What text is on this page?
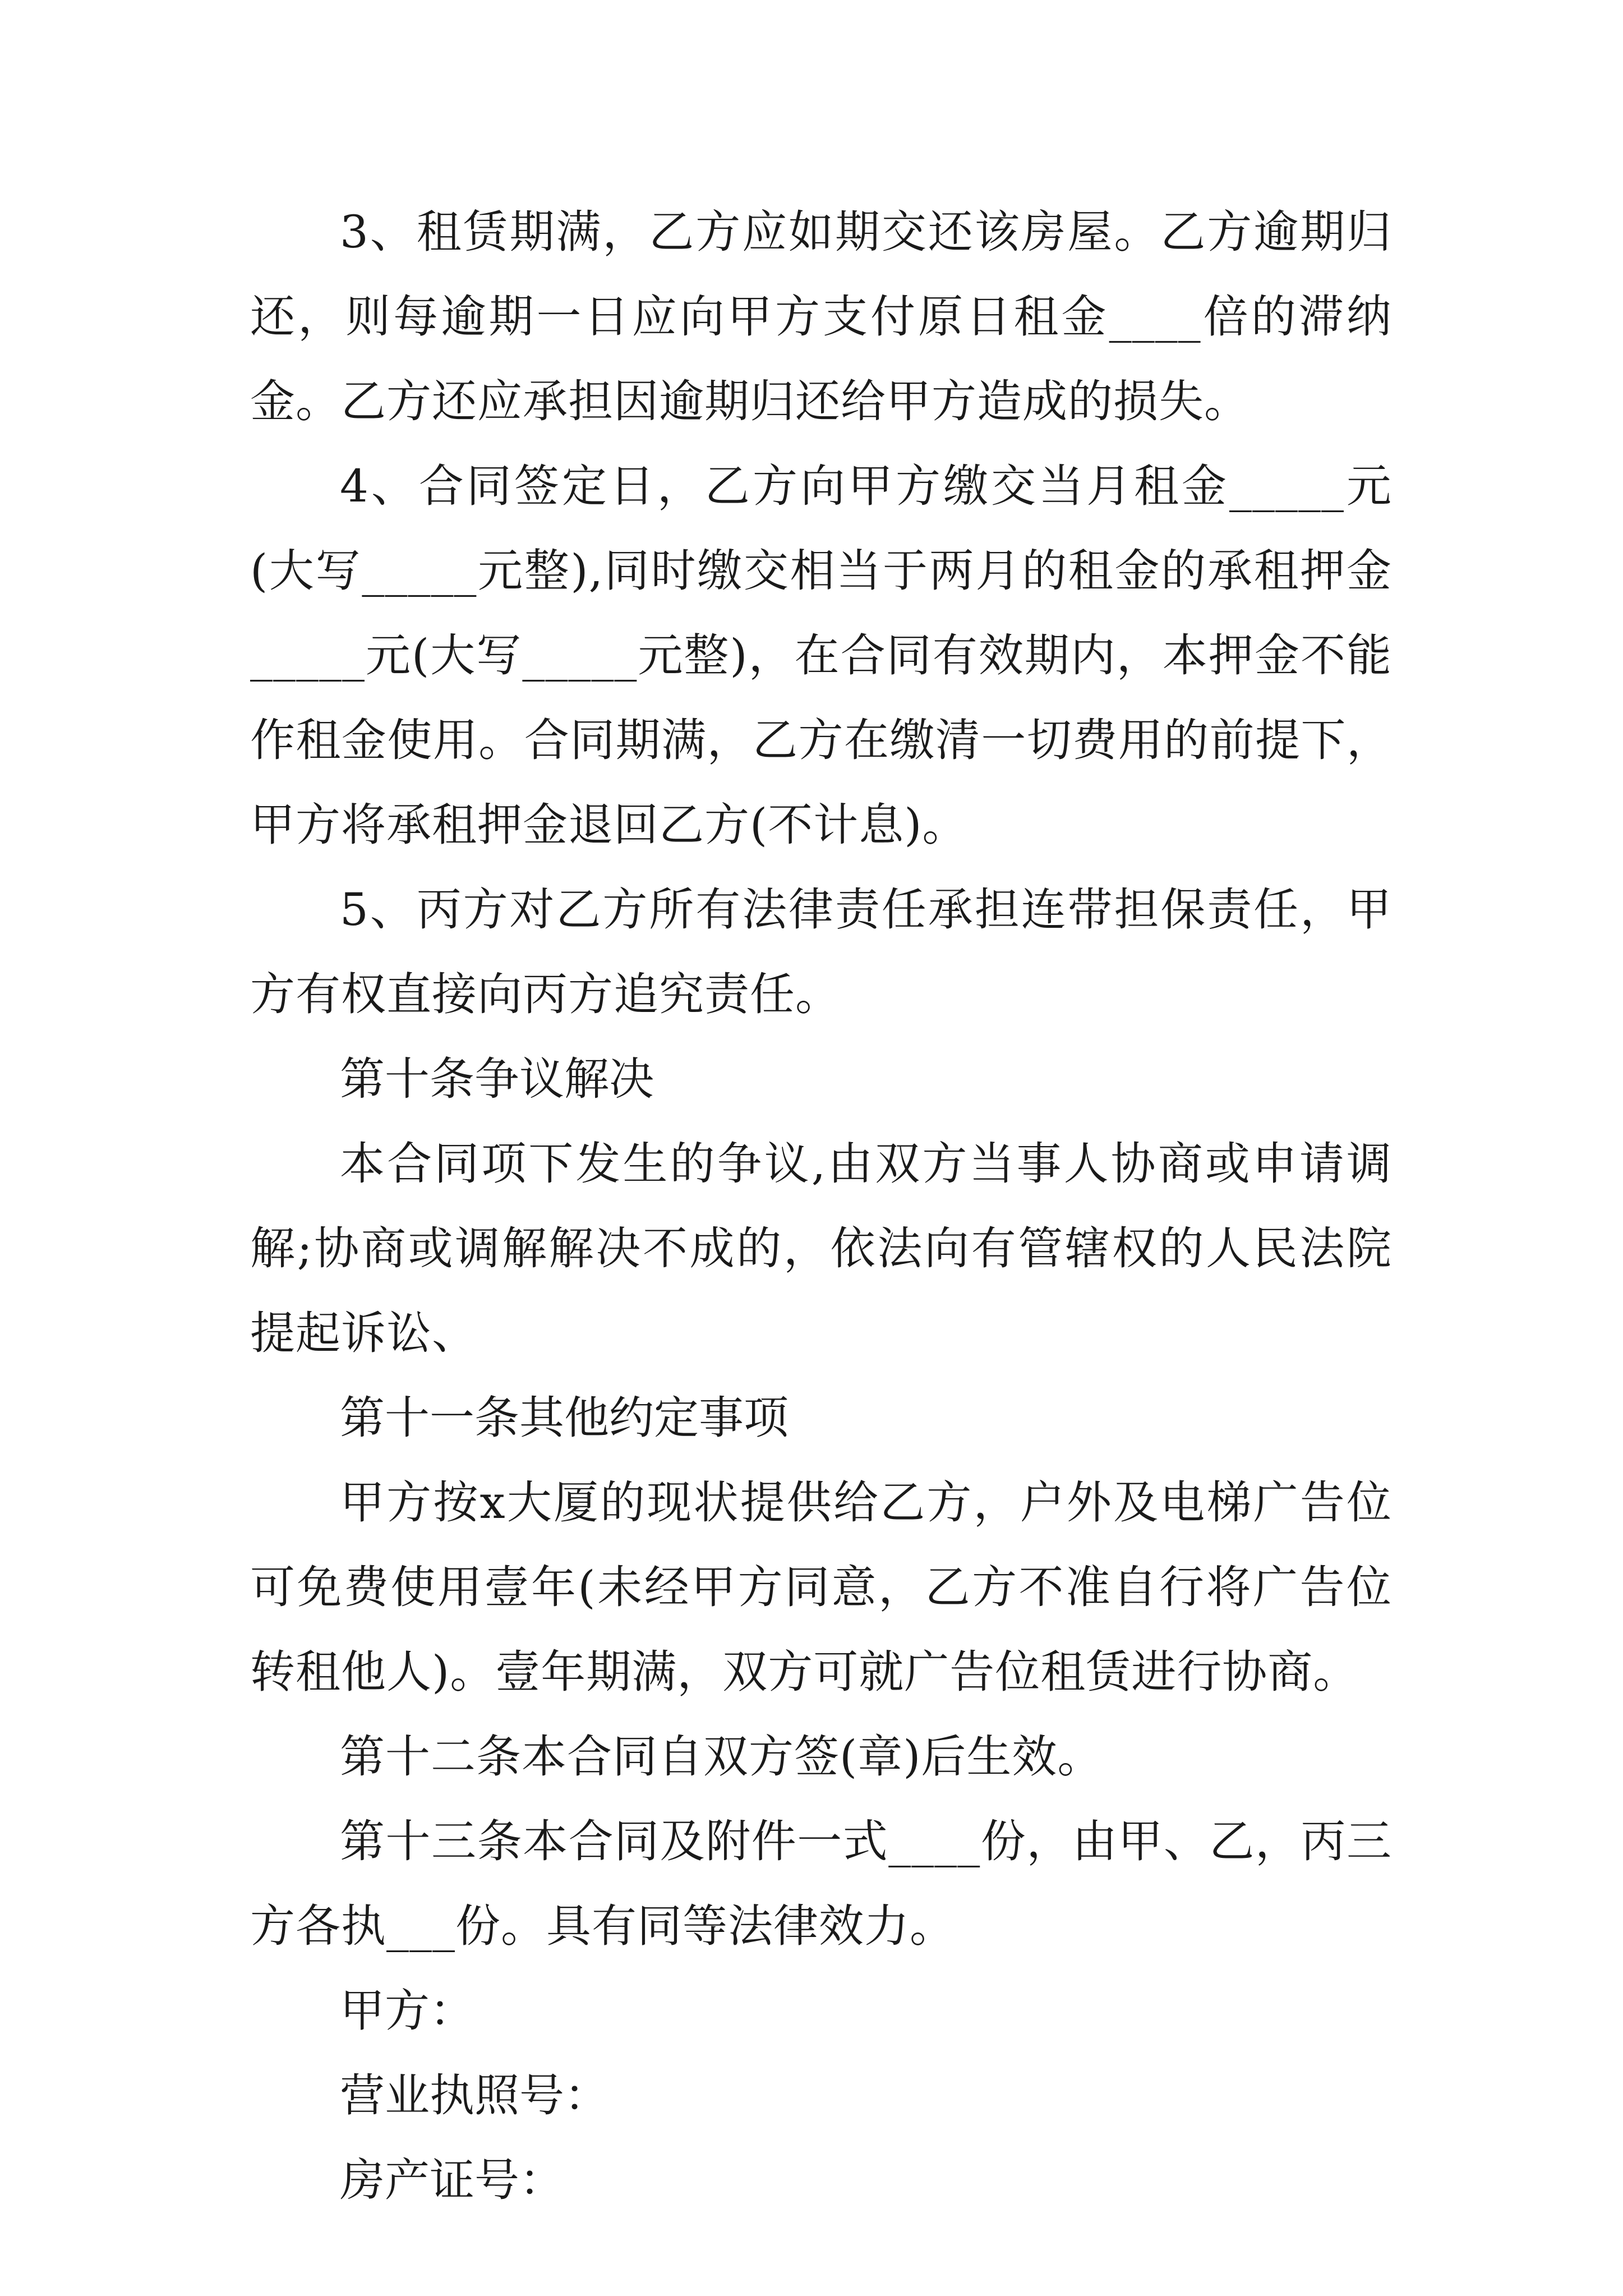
3、租赁期满，乙方应如期交还该房屋。乙方逾期归还，则每逾期一日应向甲方支付原日租金____倍的滞纳金。乙方还应承担因逾期归还给甲方造成的损失。

4、合同签定日，乙方向甲方缴交当月租金_____元(大写_____元整),同时缴交相当于两月的租金的承租押金_____元(大写_____元整)，在合同有效期内，本押金不能作租金使用。合同期满，乙方在缴清一切费用的前提下，甲方将承租押金退回乙方(不计息)。

5、丙方对乙方所有法律责任承担连带担保责任，甲方有权直接向丙方追究责任。

第十条争议解决

本合同项下发生的争议,由双方当事人协商或申请调解;协商或调解解决不成的，依法向有管辖权的人民法院提起诉讼、

第十一条其他约定事项

甲方按x大厦的现状提供给乙方，户外及电梯广告位可免费使用壹年(未经甲方同意，乙方不准自行将广告位转租他人)。壹年期满，双方可就广告位租赁进行协商。

第十二条本合同自双方签(章)后生效。

第十三条本合同及附件一式____份，由甲、乙，丙三方各执___份。具有同等法律效力。

甲方：

营业执照号：

房产证号：
